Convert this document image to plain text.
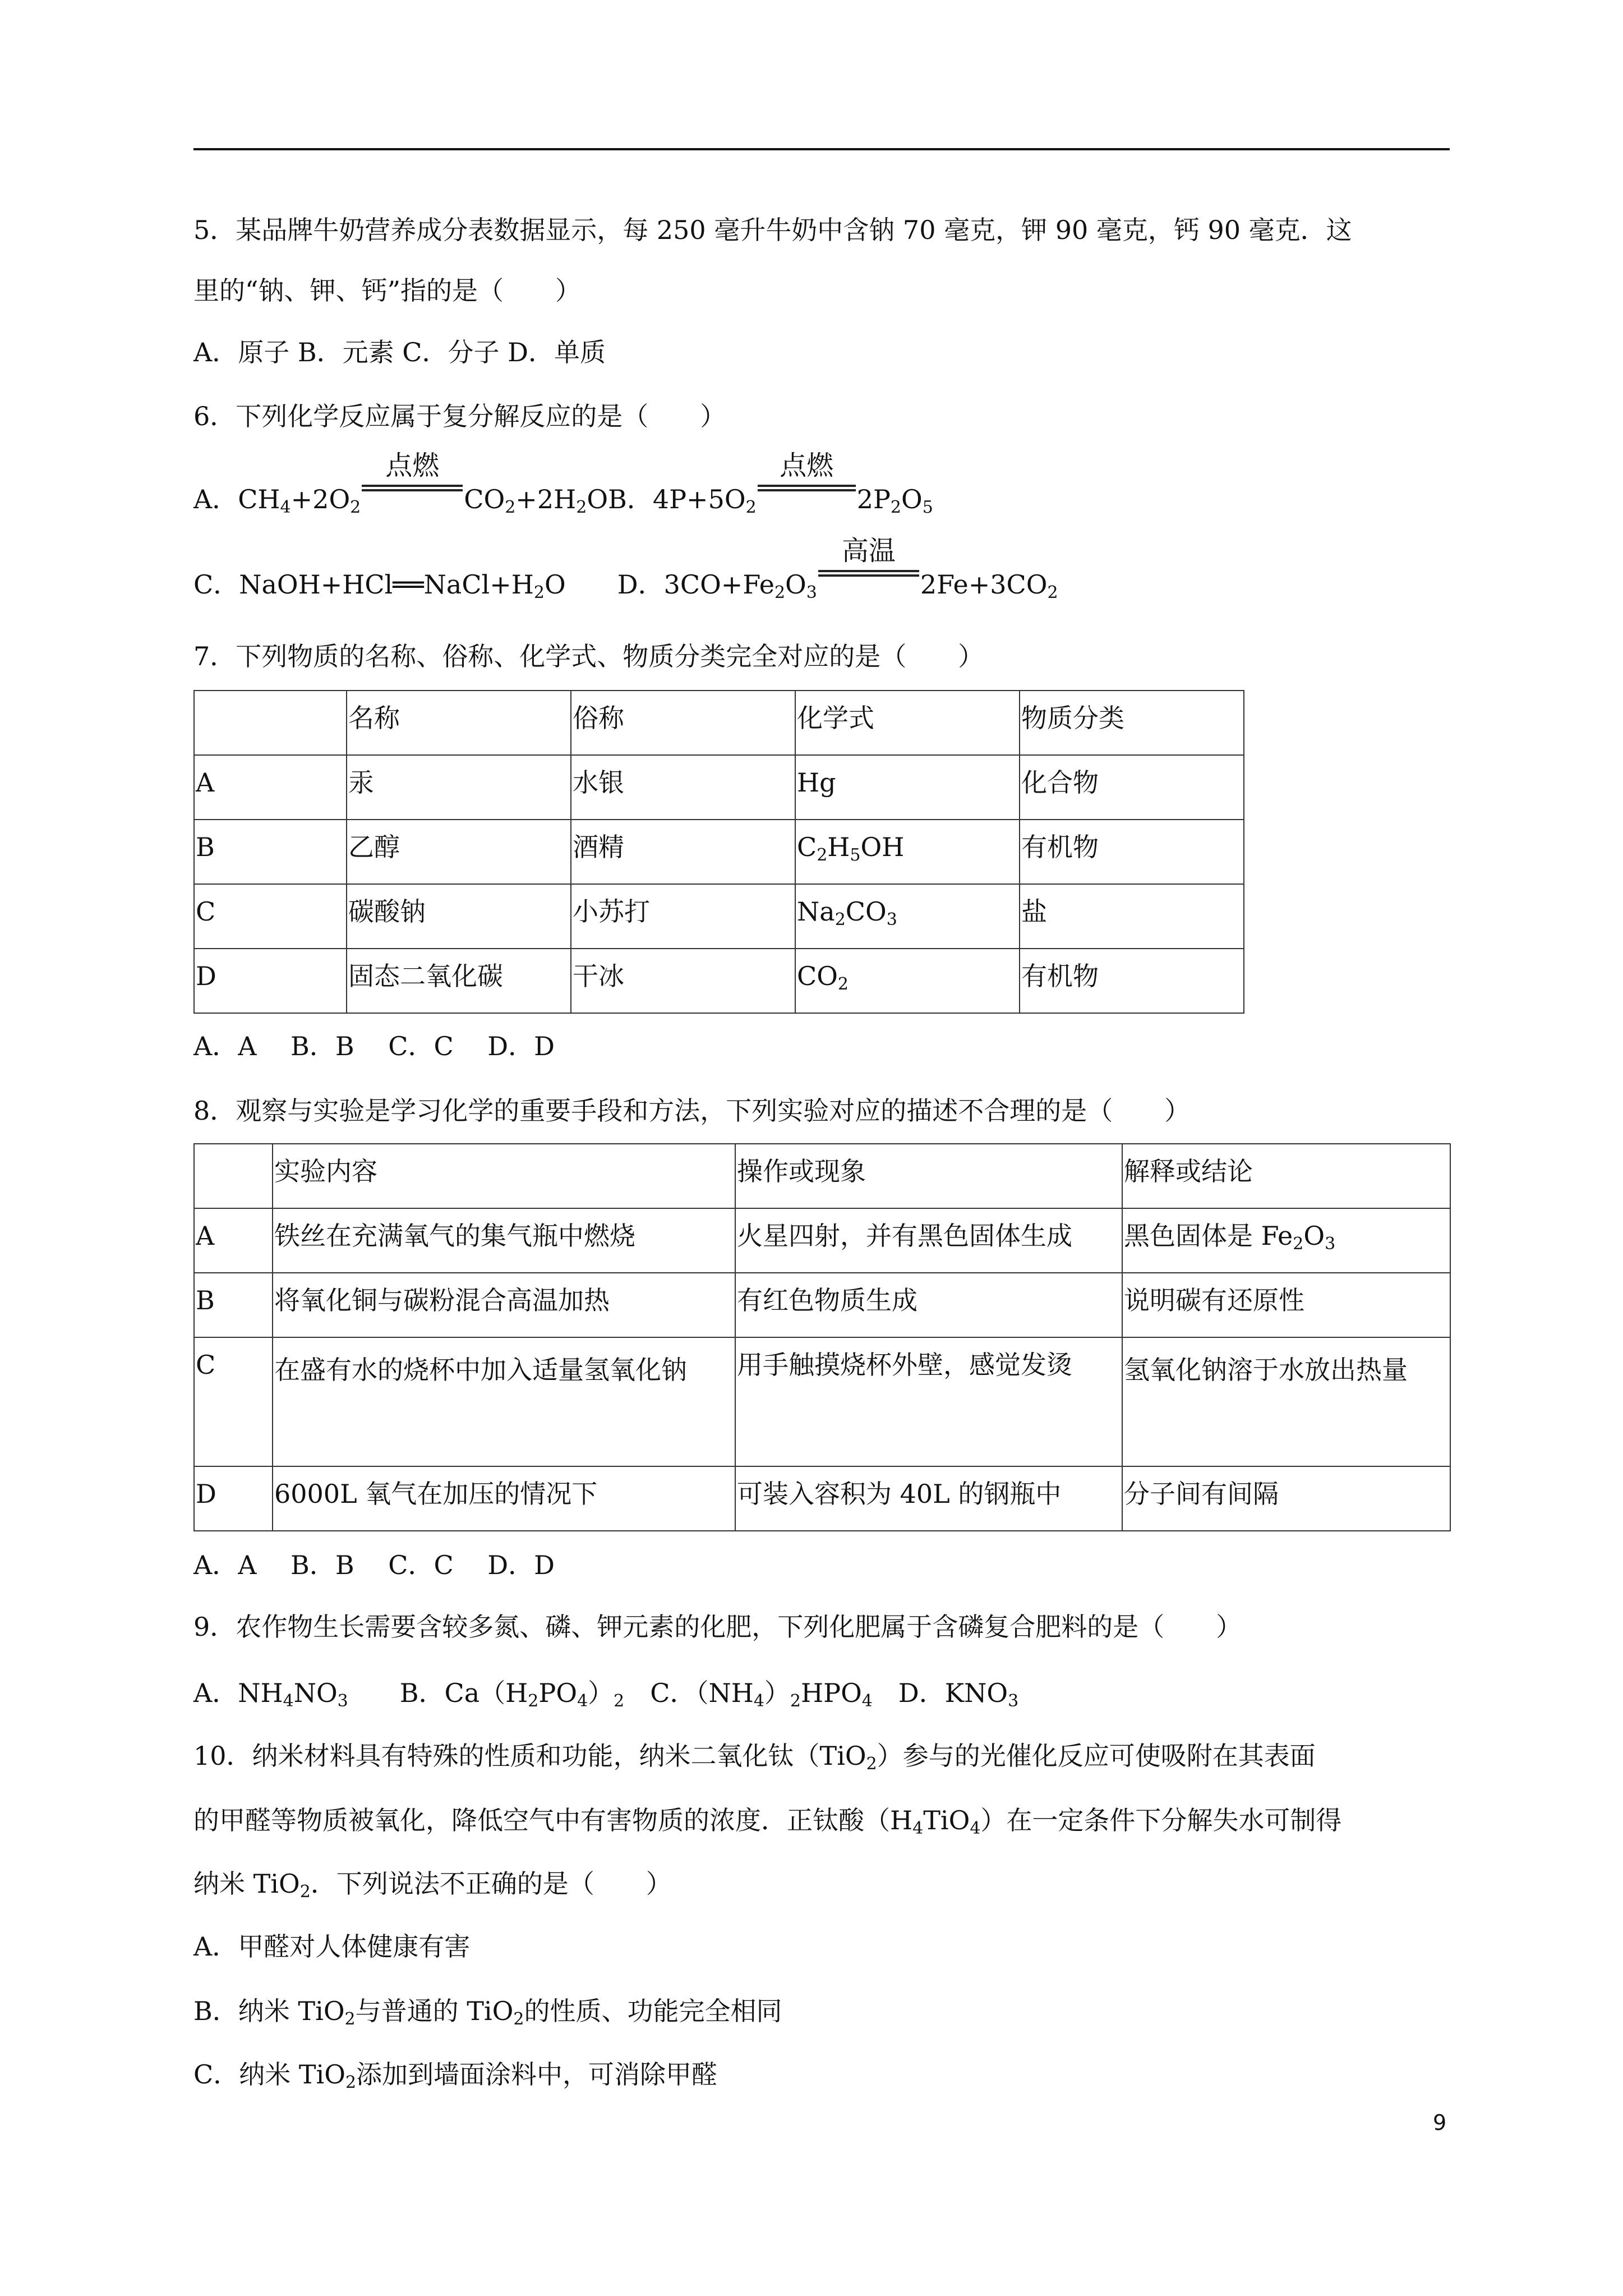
5．某品牌牛奶营养成分表数据显示，每 250 毫升牛奶中含钠 70 毫克，钾 90 毫克，钙 90 毫克．这
里的“钠、钾、钙”指的是（　　）
A．原子 B．元素 C．分子 D．单质
6．下列化学反应属于复分解反应的是（　　）
A．$CH_4+2O_2$
点燃
$CO_2+2H_2OB$．$4P+5O_2$
点燃
$2P_2O_5$
C．$NaOH+HCl══NaCl+H_2O$　　D．$3CO+Fe_2O_3$
高温
$2Fe+3CO_2$
7．下列物质的名称、俗称、化学式、物质分类完全对应的是（　　）
	名称	俗称	化学式	物质分类
A	汞	水银	Hg	化合物
B	乙醇	酒精	$C_2H_5OH$	有机物
C	碳酸钠	小苏打	$Na_2CO_3$	盐
D	固态二氧化碳	干冰	$CO_2$	有机物
A．A　 B．B　 C．C　 D．D
8．观察与实验是学习化学的重要手段和方法，下列实验对应的描述不合理的是（　　）
	实验内容	操作或现象	解释或结论
A	铁丝在充满氧气的集气瓶中燃烧	火星四射，并有黑色固体生成	黑色固体是 $Fe_2O_3$
B	将氧化铜与碳粉混合高温加热	有红色物质生成	说明碳有还原性
C	在盛有水的烧杯中加入适量氢氧化钠	用手触摸烧杯外壁，感觉发烫	氢氧化钠溶于水放出热量
D	6000L 氧气在加压的情况下	可装入容积为 40L 的钢瓶中	分子间有间隔
A．A　 B．B　 C．C　 D．D
9．农作物生长需要含较多氮、磷、钾元素的化肥，下列化肥属于含磷复合肥料的是（　　）
A．$NH_4NO_3$　　B．$Ca(H_2PO_4)_2$　C．$(NH_4)_2HPO_4$　D．$KNO_3$
10．纳米材料具有特殊的性质和功能，纳米二氧化钛（TiO$_2$）参与的光催化反应可使吸附在其表面
的甲醛等物质被氧化，降低空气中有害物质的浓度．正钛酸$(H_4TiO_4)$在一定条件下分解失水可制得
纳米 TiO$_2$．下列说法不正确的是（　　）
A．甲醛对人体健康有害
B．纳米 TiO$_2$与普通的 TiO$_2$的性质、功能完全相同
C．纳米 TiO$_2$添加到墙面涂料中，可消除甲醛
9
